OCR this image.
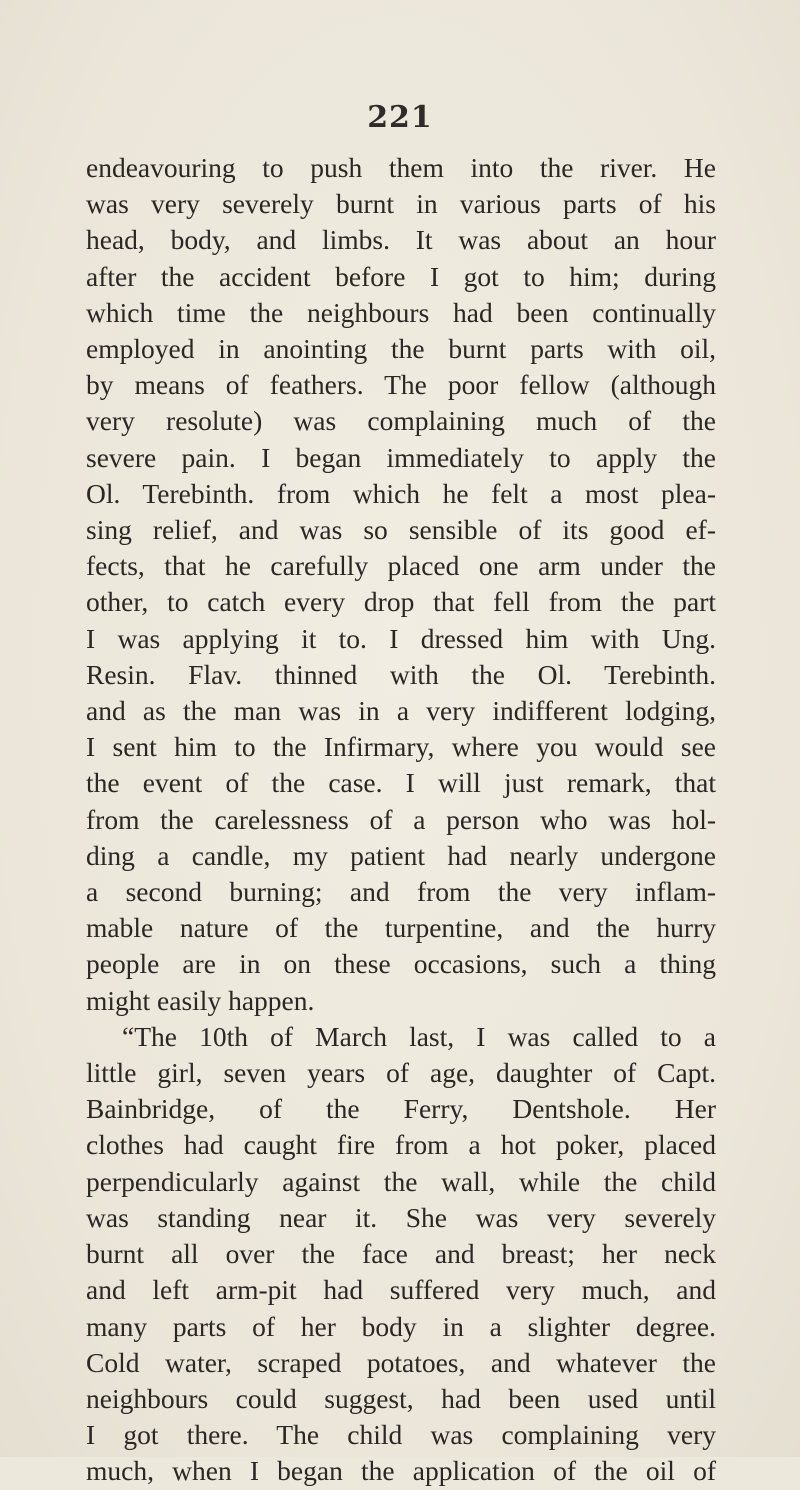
221
endeavouring to push them into the river. He
was very severely burnt in various parts of his
head, body, and limbs. It was about an hour
after the accident before I got to him; during
which time the neighbours had been continually
employed in anointing the burnt parts with oil,
by means of feathers. The poor fellow (although
very resolute) was complaining much of the
severe pain. I began immediately to apply the
Ol. Terebinth. from which he felt a most plea-
sing relief, and was so sensible of its good ef-
fects, that he carefully placed one arm under the
other, to catch every drop that fell from the part
I was applying it to. I dressed him with Ung.
Resin. Flav. thinned with the Ol. Terebinth.
and as the man was in a very indifferent lodging,
I sent him to the Infirmary, where you would see
the event of the case. I will just remark, that
from the carelessness of a person who was hol-
ding a candle, my patient had nearly undergone
a second burning; and from the very inflam-
mable nature of the turpentine, and the hurry
people are in on these occasions, such a thing
might easily happen.
“The 10th of March last, I was called to a
little girl, seven years of age, daughter of Capt.
Bainbridge, of the Ferry, Dentshole. Her
clothes had caught fire from a hot poker, placed
perpendicularly against the wall, while the child
was standing near it. She was very severely
burnt all over the face and breast; her neck
and left arm-pit had suffered very much, and
many parts of her body in a slighter degree.
Cold water, scraped potatoes, and whatever the
neighbours could suggest, had been used until
I got there. The child was complaining very
much, when I began the application of the oil of
